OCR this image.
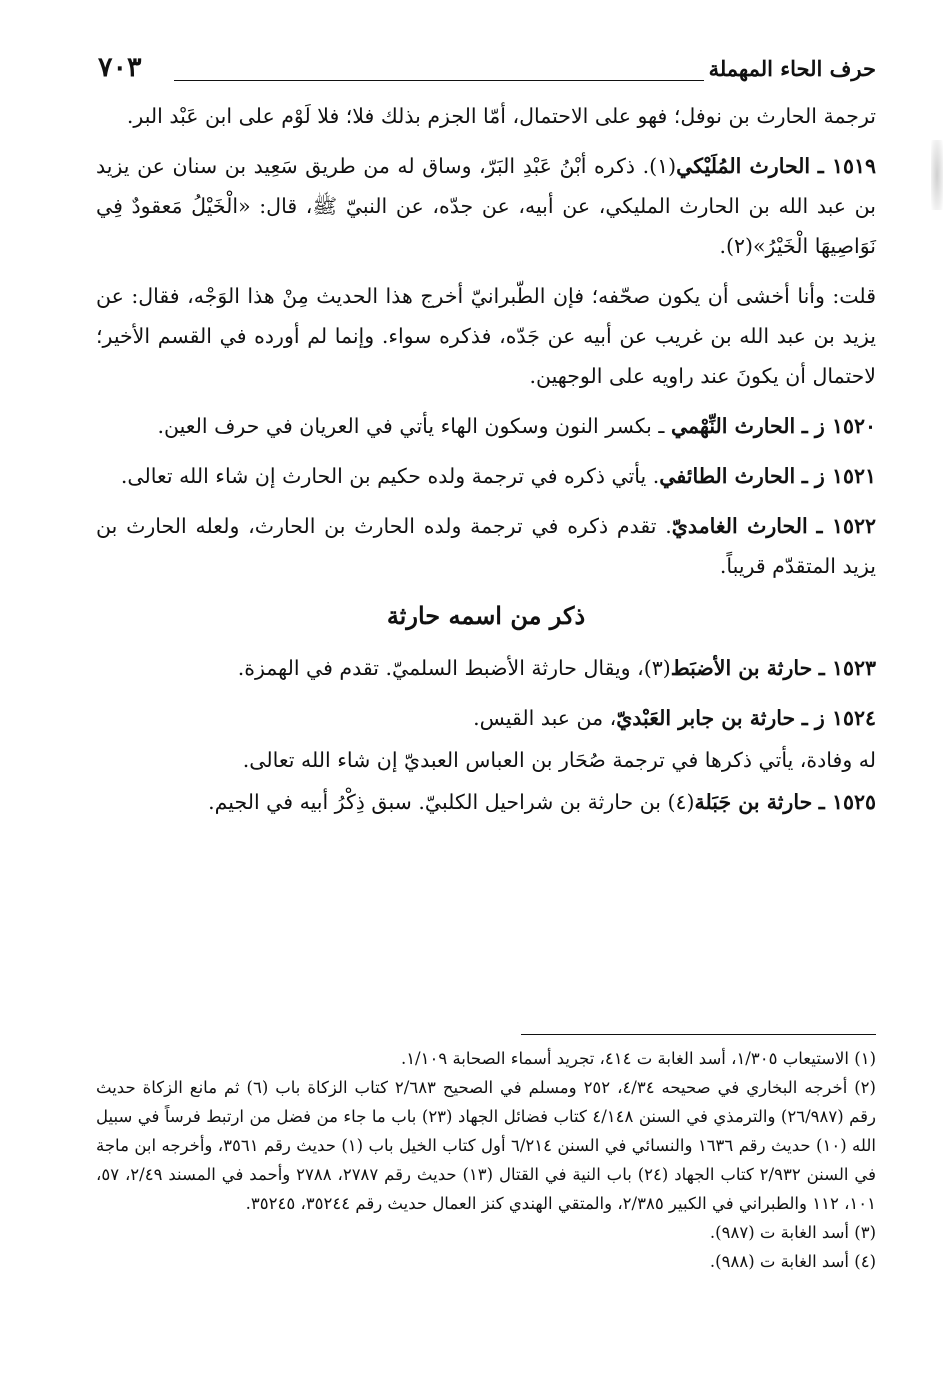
حرف الحاء المهملة
٧٠٣

ترجمة الحارث بن نوفل؛ فهو على الاحتمال، أمّا الجزم بذلك فلا؛ فلا لَوْم على ابن عَبْد البر.

١٥١٩ ـ الحارث المُلَيْكي(١). ذكره أبْنُ عَبْدِ البَرّ، وساق له من طريق سَعِيد بن سنان عن يزيد بن عبد الله بن الحارث المليكي، عن أبيه، عن جدّه، عن النبيّ ﷺ، قال: «الْخَيْلُ مَعقودٌ فِي نَوَاصِيهَا الْخَيْرُ»(٢).

قلت: وأنا أخشى أن يكون صحّفه؛ فإن الطّبرانيّ أخرج هذا الحديث مِنْ هذا الوَجْه، فقال: عن يزيد بن عبد الله بن غريب عن أبيه عن جَدّه، فذكره سواء. وإنما لم أورده في القسم الأخير؛ لاحتمال أن يكونَ عند راويه على الوجهين.

١٥٢٠ ز ـ الحارث النِّهْمي ـ بكسر النون وسكون الهاء يأتي في العريان في حرف العين.

١٥٢١ ز ـ الحارث الطائفي. يأتي ذكره في ترجمة ولده حكيم بن الحارث إن شاء الله تعالى.

١٥٢٢ ـ الحارث الغامديّ. تقدم ذكره في ترجمة ولده الحارث بن الحارث، ولعله الحارث بن يزيد المتقدّم قريباً.

ذكر من اسمه حارثة

١٥٢٣ ـ حارثة بن الأضبَط(٣)، ويقال حارثة الأضبط السلميّ. تقدم في الهمزة.

١٥٢٤ ز ـ حارثة بن جابر العَبْديّ، من عبد القيس.

له وفادة، يأتي ذكرها في ترجمة صُحَار بن العباس العبديّ إن شاء الله تعالى.

١٥٢٥ ـ حارثة بن جَبَلة(٤) بن حارثة بن شراحيل الكلبيّ. سبق ذِكْرُ أبيه في الجيم.

(١) الاستيعاب ١/٣٠٥، أسد الغابة ت ٤١٤، تجريد أسماء الصحابة ١/١٠٩.

(٢) أخرجه البخاري في صحيحه ٤/٣٤، ٢٥٢ ومسلم في الصحيح ٢/٦٨٣ كتاب الزكاة باب (٦) ثم مانع الزكاة حديث رقم (٢٦/٩٨٧) والترمذي في السنن ٤/١٤٨ كتاب فضائل الجهاد (٢٣) باب ما جاء من فضل من ارتبط فرساً في سبيل الله (١٠) حديث رقم ١٦٣٦ والنسائي في السنن ٦/٢١٤ أول كتاب الخيل باب (١) حديث رقم ٣٥٦١، وأخرجه ابن ماجة في السنن ٢/٩٣٢ كتاب الجهاد (٢٤) باب النية في القتال (١٣) حديث رقم ٢٧٨٧، ٢٧٨٨ وأحمد في المسند ٢/٤٩، ٥٧، ١٠١، ١١٢ والطبراني في الكبير ٢/٣٨٥، والمتقي الهندي كنز العمال حديث رقم ٣٥٢٤٤، ٣٥٢٤٥.

(٣) أسد الغابة ت (٩٨٧).

(٤) أسد الغابة ت (٩٨٨).
